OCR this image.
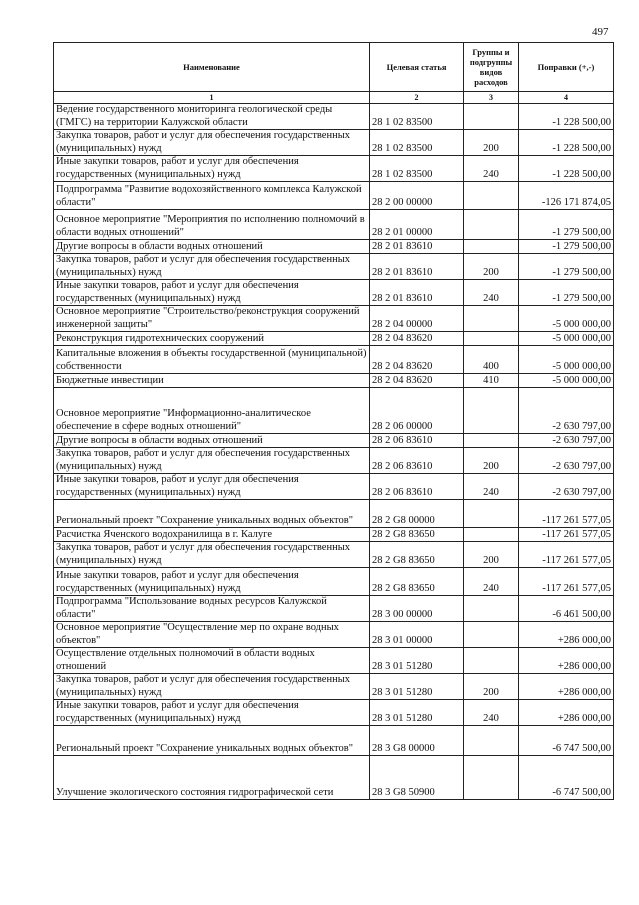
497
Наименование	Целевая статья	Группы и подгруппы видов расходов	Поправки (+,-)
1	2	3	4
Ведение государственного мониторинга геологической среды (ГМГС) на территории Калужской области	28 1 02 83500		-1 228 500,00
Закупка товаров, работ и услуг для обеспечения государственных (муниципальных) нужд	28 1 02 83500	200	-1 228 500,00
Иные закупки товаров, работ и услуг для обеспечения государственных (муниципальных) нужд	28 1 02 83500	240	-1 228 500,00
Подпрограмма "Развитие водохозяйственного комплекса Калужской области"	28 2 00 00000		-126 171 874,05
Основное мероприятие "Мероприятия по исполнению полномочий в области водных отношений"	28 2 01 00000		-1 279 500,00
Другие вопросы в области водных отношений	28 2 01 83610		-1 279 500,00
Закупка товаров, работ и услуг для обеспечения государственных (муниципальных) нужд	28 2 01 83610	200	-1 279 500,00
Иные закупки товаров, работ и услуг для обеспечения государственных (муниципальных) нужд	28 2 01 83610	240	-1 279 500,00
Основное мероприятие "Строительство/реконструкция сооружений инженерной защиты"	28 2 04 00000		-5 000 000,00
Реконструкция гидротехнических сооружений	28 2 04 83620		-5 000 000,00
Капитальные вложения в объекты государственной (муниципальной) собственности	28 2 04 83620	400	-5 000 000,00
Бюджетные инвестиции	28 2 04 83620	410	-5 000 000,00
Основное мероприятие "Информационно-аналитическое обеспечение в сфере водных отношений"	28 2 06 00000		-2 630 797,00
Другие вопросы в области водных отношений	28 2 06 83610		-2 630 797,00
Закупка товаров, работ и услуг для обеспечения государственных (муниципальных) нужд	28 2 06 83610	200	-2 630 797,00
Иные закупки товаров, работ и услуг для обеспечения государственных (муниципальных) нужд	28 2 06 83610	240	-2 630 797,00
Региональный проект "Сохранение уникальных водных объектов"	28 2 G8 00000		-117 261 577,05
Расчистка Яченского водохранилища в г. Калуге	28 2 G8 83650		-117 261 577,05
Закупка товаров, работ и услуг для обеспечения государственных (муниципальных) нужд	28 2 G8 83650	200	-117 261 577,05
Иные закупки товаров, работ и услуг для обеспечения государственных (муниципальных) нужд	28 2 G8 83650	240	-117 261 577,05
Подпрограмма "Использование водных ресурсов Калужской области"	28 3 00 00000		-6 461 500,00
Основное мероприятие "Осуществление мер по охране водных объектов"	28 3 01 00000		+286 000,00
Осуществление отдельных полномочий в области водных отношений	28 3 01 51280		+286 000,00
Закупка товаров, работ и услуг для обеспечения государственных (муниципальных) нужд	28 3 01 51280	200	+286 000,00
Иные закупки товаров, работ и услуг для обеспечения государственных (муниципальных) нужд	28 3 01 51280	240	+286 000,00
Региональный проект "Сохранение уникальных водных объектов"	28 3 G8 00000		-6 747 500,00
Улучшение экологического состояния гидрографической сети	28 3 G8 50900		-6 747 500,00
